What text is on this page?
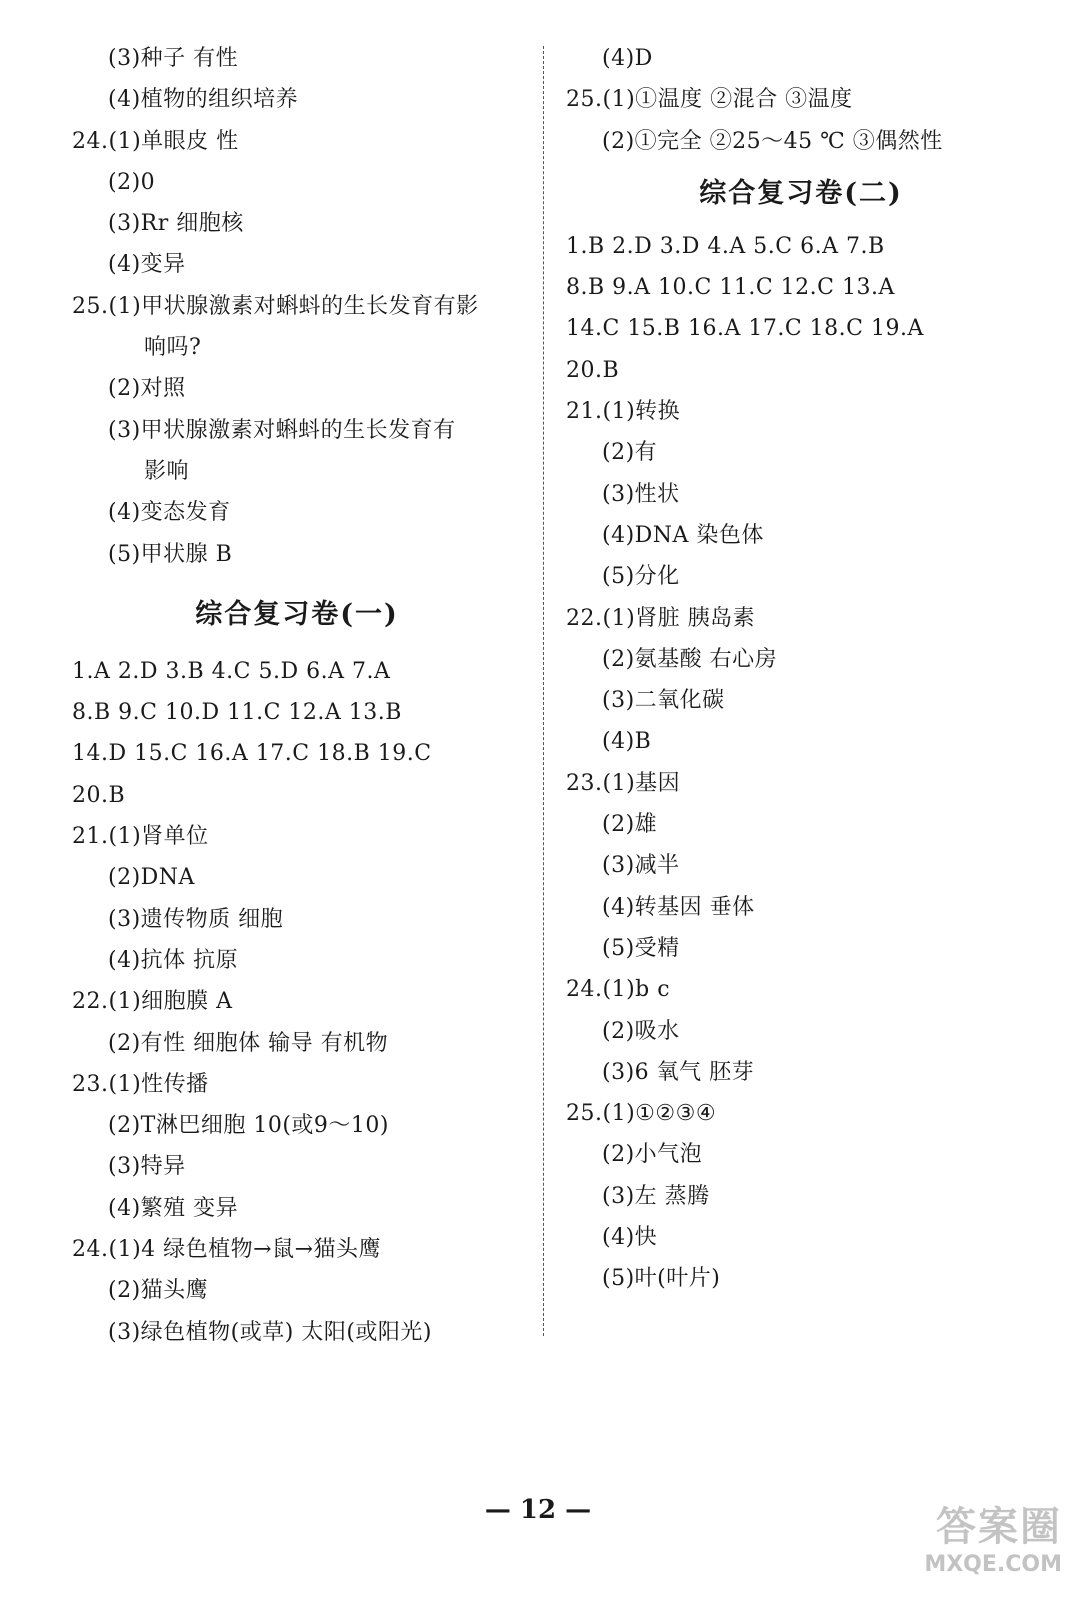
(3)种子 有性
(4)植物的组织培养
24.(1)单眼皮 性
(2)0
(3)Rr 细胞核
(4)变异
25.(1)甲状腺激素对蝌蚪的生长发育有影
响吗?
(2)对照
(3)甲状腺激素对蝌蚪的生长发育有
影响
(4)变态发育
(5)甲状腺 B
综合复习卷(一)
1.A 2.D 3.B 4.C 5.D 6.A 7.A
8.B 9.C 10.D 11.C 12.A 13.B
14.D 15.C 16.A 17.C 18.B 19.C
20.B
21.(1)肾单位
(2)DNA
(3)遗传物质 细胞
(4)抗体 抗原
22.(1)细胞膜 A
(2)有性 细胞体 输导 有机物
23.(1)性传播
(2)T淋巴细胞 10(或9～10)
(3)特异
(4)繁殖 变异
24.(1)4 绿色植物→鼠→猫头鹰
(2)猫头鹰
(3)绿色植物(或草) 太阳(或阳光)
(4)D
25.(1)①温度 ②混合 ③温度
(2)①完全 ②25～45 ℃ ③偶然性
综合复习卷(二)
1.B 2.D 3.D 4.A 5.C 6.A 7.B
8.B 9.A 10.C 11.C 12.C 13.A
14.C 15.B 16.A 17.C 18.C 19.A
20.B
21.(1)转换
(2)有
(3)性状
(4)DNA 染色体
(5)分化
22.(1)肾脏 胰岛素
(2)氨基酸 右心房
(3)二氧化碳
(4)B
23.(1)基因
(2)雄
(3)减半
(4)转基因 垂体
(5)受精
24.(1)b c
(2)吸水
(3)6 氧气 胚芽
25.(1)①②③④
(2)小气泡
(3)左 蒸腾
(4)快
(5)叶(叶片)
— 12 —	答案圈
MXQE.COM
